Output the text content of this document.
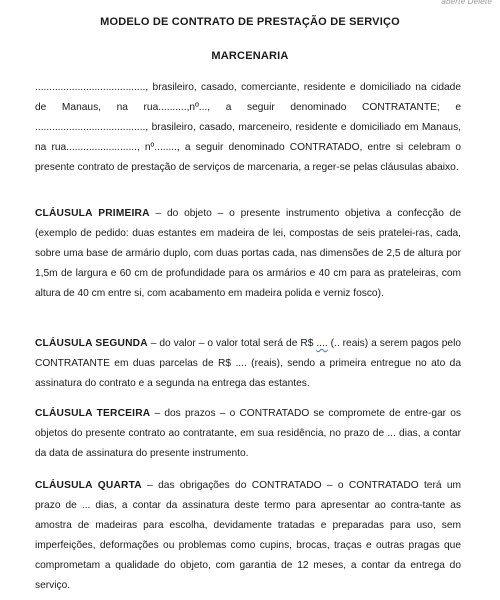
aberte Delete
MODELO DE CONTRATO DE PRESTAÇÃO DE SERVIÇO
MARCENARIA

......................................., brasileiro, casado, comerciante, residente e domiciliado na cidade de Manaus, na rua..........,nº..., a seguir denominado CONTRATANTE; e ......................................., brasileiro, casado, marceneiro, residente e domiciliado em Manaus, na rua........................., nº........, a seguir denominado CONTRATADO, entre si celebram o presente contrato de prestação de serviços de marcenaria, a reger-se pelas cláusulas abaixo.

CLÁUSULA PRIMEIRA – do objeto – o presente instrumento objetiva a confecção de (exemplo de pedido: duas estantes em madeira de lei, compostas de seis pratelei-ras, cada, sobre uma base de armário duplo, com duas portas cada, nas dimensões de 2,5 de altura por 1,5m de largura e 60 cm de profundidade para os armários e 40 cm para as prateleiras, com altura de 40 cm entre si, com acabamento em madeira polida e verniz fosco).

CLÁUSULA SEGUNDA – do valor – o valor total será de R$ .... (.. reais) a serem pagos pelo CONTRATANTE em duas parcelas de R$ .... (reais), sendo a primeira entregue no ato da assinatura do contrato e a segunda na entrega das estantes.

CLÁUSULA TERCEIRA – dos prazos – o CONTRATADO se compromete de entre-gar os objetos do presente contrato ao contratante, em sua residência, no prazo de ... dias, a contar da data de assinatura do presente instrumento.

CLÁUSULA QUARTA – das obrigações do CONTRATADO – o CONTRATADO terá um prazo de ... dias, a contar da assinatura deste termo para apresentar ao contra-tante as amostra de madeiras para escolha, devidamente tratadas e preparadas para uso, sem imperfeições, deformações ou problemas como cupins, brocas, traças e outras pragas que comprometam a qualidade do objeto, com garantia de 12 meses, a contar da entrega do serviço.
